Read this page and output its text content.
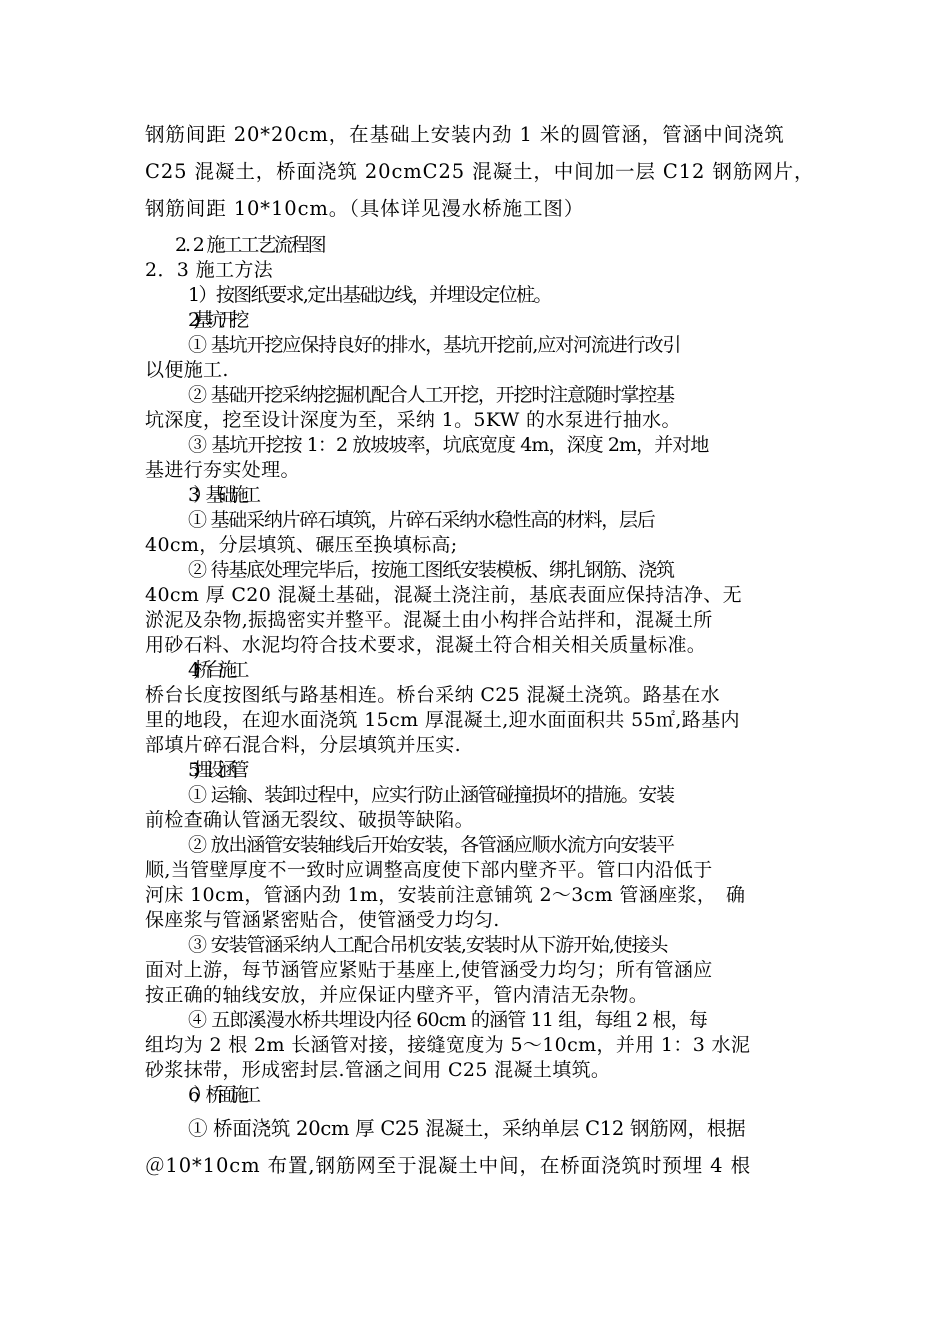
钢筋间距 20*20cm，在基础上安装内劲 1 米的圆管涵，管涵中间浇筑
C25 混凝土，桥面浇筑 20cmC25 混凝土，中间加一层 C12 钢筋网片，
钢筋间距 10*10cm。（具体详见漫水桥施工图）
2. 2 施工工艺流程图
2．3 施工方法
1）按图纸要求,定出基础边线，并埋设定位桩。
2)基坑开挖
① 基坑开挖应保持良好的排水，基坑开挖前,应对河流进行改引
以便施工.
② 基础开挖采纳挖掘机配合人工开挖，开挖时注意随时掌控基
坑深度，挖至设计深度为至，采纳 1。5KW 的水泵进行抽水。
③ 基坑开挖按 1：2 放坡坡率，坑底宽度 4m，深度 2m，并对地
基进行夯实处理。
3）基础施工
① 基础采纳片碎石填筑，片碎石采纳水稳性高的材料，层后
40cm，分层填筑、碾压至换填标高;
② 待基底处理完毕后，按施工图纸安装模板、绑扎钢筋、浇筑
40cm 厚 C20 混凝土基础，混凝土浇注前，基底表面应保持洁净、无
淤泥及杂物,振捣密实并整平。混凝土由小构拌合站拌和，混凝土所
用砂石料、水泥均符合技术要求，混凝土符合相关相关质量标准。
4)桥台施工
桥台长度按图纸与路基相连。桥台采纳 C25 混凝土浇筑。路基在水
里的地段，在迎水面浇筑 15cm 厚混凝土,迎水面面积共 55㎡,路基内
部填片碎石混合料，分层填筑并压实.
5)埋设涵管
① 运输、装卸过程中，应实行防止涵管碰撞损坏的措施。安装
前检查确认管涵无裂纹、破损等缺陷。
② 放出涵管安装轴线后开始安装，各管涵应顺水流方向安装平
顺,当管壁厚度不一致时应调整高度使下部内壁齐平。管口内沿低于
河床 10cm，管涵内劲 1m，安装前注意铺筑 2～3cm 管涵座浆，　确
保座浆与管涵紧密贴合，使管涵受力均匀.
③ 安装管涵采纳人工配合吊机安装,安装时从下游开始,使接头
面对上游，每节涵管应紧贴于基座上,使管涵受力均匀；所有管涵应
按正确的轴线安放，并应保证内壁齐平，管内清洁无杂物。
④ 五郎溪漫水桥共埋设内径 60cm 的涵管 11 组，每组 2 根，每
组均为 2 根 2m 长涵管对接，接缝宽度为 5～10cm，并用 1：3 水泥
砂浆抹带，形成密封层.管涵之间用 C25 混凝土填筑。
6）桥面施工
① 桥面浇筑 20cm 厚 C25 混凝土，采纳单层 C12 钢筋网，根据
＠10*10cm 布置,钢筋网至于混凝土中间，在桥面浇筑时预埋 4 根
